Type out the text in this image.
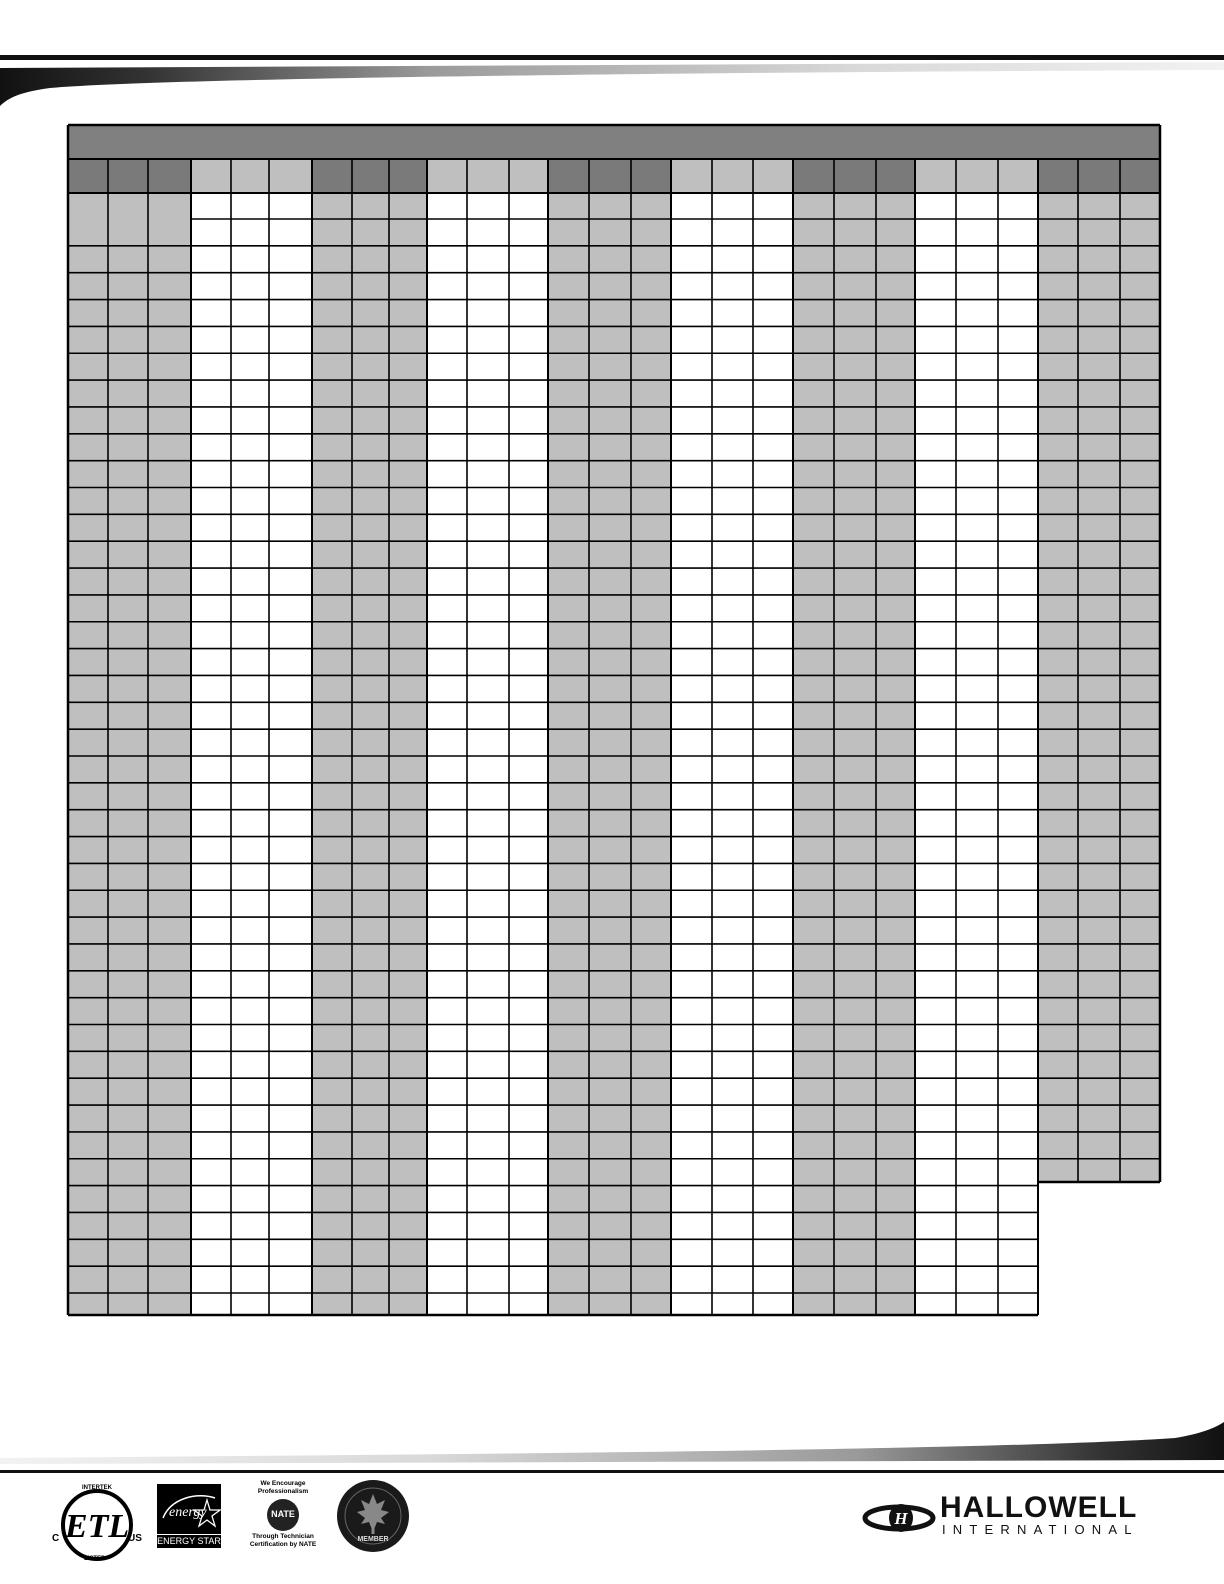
ETL
INTERTEK
LISTED
C	US
energy
ENERGY STAR
We Encourage
Professionalism
NATE
Through Technician
Certification by NATE
MEMBER
H HALLOWELL
INTERNATIONAL
